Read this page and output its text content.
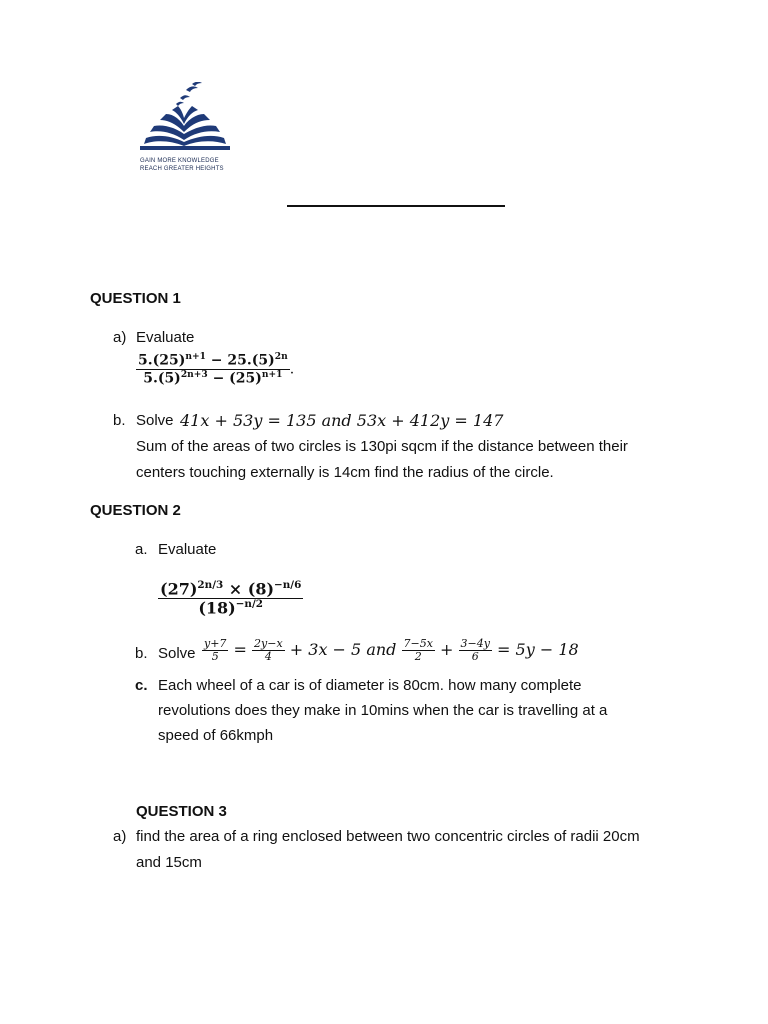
GAIN MORE KNOWLEDGE
REACH GREATER HEIGHTS
QUESTION 1
a) Evaluate
$\frac{5.(25)^{n+1} - 25.(5)^{2n}}{5.(5)^{2n+3} - (25)^{n+1}}$ .
b. Solve 41x + 53y = 135 and 53x + 412y = 147
Sum of the areas of two circles is 130pi sqcm if the distance between their
centers touching externally is 14cm find the radius of the circle.
QUESTION 2
a. Evaluate
$\frac{(27)^{2n/3} \times (8)^{-n/6}}{(18)^{-n/2}}$
b. Solve $\frac{y+7}{5} = \frac{2y-x}{4} + 3x - 5$ and $\frac{7-5x}{2} + \frac{3-4y}{6} = 5y - 18$
c. Each wheel of a car is of diameter is 80cm. how many complete
revolutions does they make in 10mins when the car is travelling at a
speed of 66kmph
QUESTION 3
a) find the area of a ring enclosed between two concentric circles of radii 20cm
and 15cm
